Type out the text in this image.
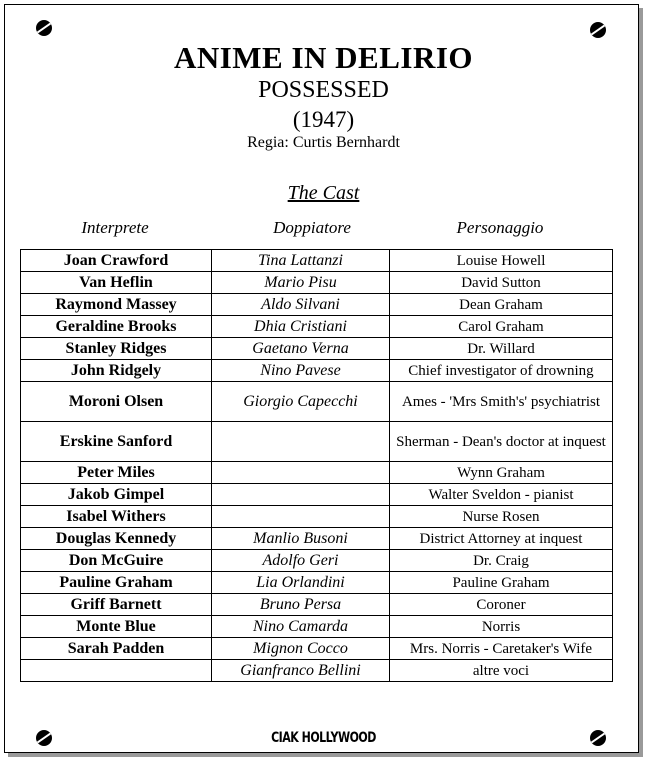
ANIME IN DELIRIO
POSSESSED
(1947)
Regia: Curtis Bernhardt
The Cast
Interprete	Doppiatore	Personaggio
Joan Crawford	Tina Lattanzi	Louise Howell
Van Heflin	Mario Pisu	David Sutton
Raymond Massey	Aldo Silvani	Dean Graham
Geraldine Brooks	Dhia Cristiani	Carol Graham
Stanley Ridges	Gaetano Verna	Dr. Willard
John Ridgely	Nino Pavese	Chief investigator of drowning
Moroni Olsen	Giorgio Capecchi	Ames - 'Mrs Smith's' psychiatrist
Erskine Sanford		Sherman - Dean's doctor at inquest
Peter Miles		Wynn Graham
Jakob Gimpel		Walter Sveldon - pianist
Isabel Withers		Nurse Rosen
Douglas Kennedy	Manlio Busoni	District Attorney at inquest
Don McGuire	Adolfo Geri	Dr. Craig
Pauline Graham	Lia Orlandini	Pauline Graham
Griff Barnett	Bruno Persa	Coroner
Monte Blue	Nino Camarda	Norris
Sarah Padden	Mignon Cocco	Mrs. Norris - Caretaker's Wife
	Gianfranco Bellini	altre voci
CIAK HOLLYWOOD
